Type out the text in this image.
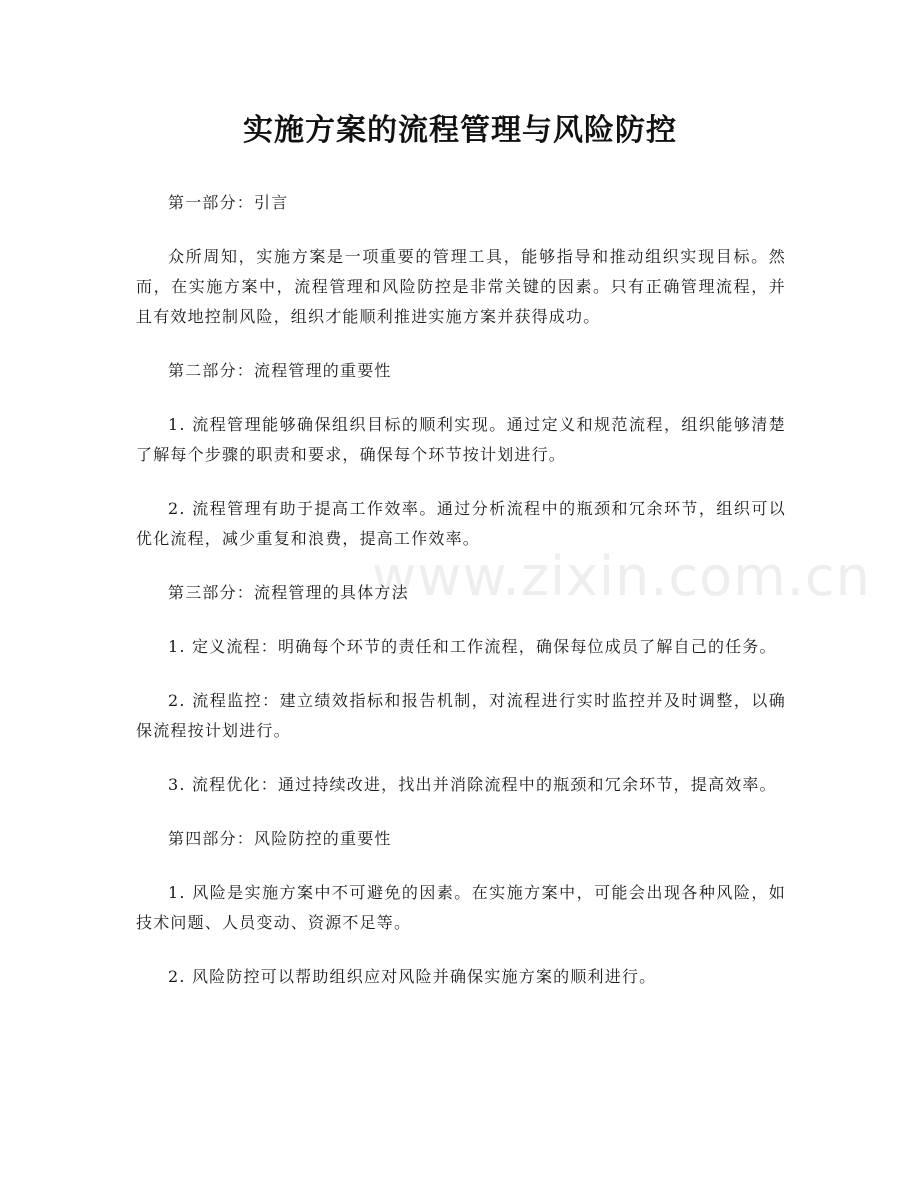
实施方案的流程管理与风险防控
www.zixin.com.cn

第一部分：引言

众所周知，实施方案是一项重要的管理工具，能够指导和推动组织实现目标。然而，在实施方案中，流程管理和风险防控是非常关键的因素。只有正确管理流程，并且有效地控制风险，组织才能顺利推进实施方案并获得成功。

第二部分：流程管理的重要性

1. 流程管理能够确保组织目标的顺利实现。通过定义和规范流程，组织能够清楚了解每个步骤的职责和要求，确保每个环节按计划进行。

2. 流程管理有助于提高工作效率。通过分析流程中的瓶颈和冗余环节，组织可以优化流程，减少重复和浪费，提高工作效率。

第三部分：流程管理的具体方法

1. 定义流程：明确每个环节的责任和工作流程，确保每位成员了解自己的任务。

2. 流程监控：建立绩效指标和报告机制，对流程进行实时监控并及时调整，以确保流程按计划进行。

3. 流程优化：通过持续改进，找出并消除流程中的瓶颈和冗余环节，提高效率。

第四部分：风险防控的重要性

1. 风险是实施方案中不可避免的因素。在实施方案中，可能会出现各种风险，如技术问题、人员变动、资源不足等。

2. 风险防控可以帮助组织应对风险并确保实施方案的顺利进行。
